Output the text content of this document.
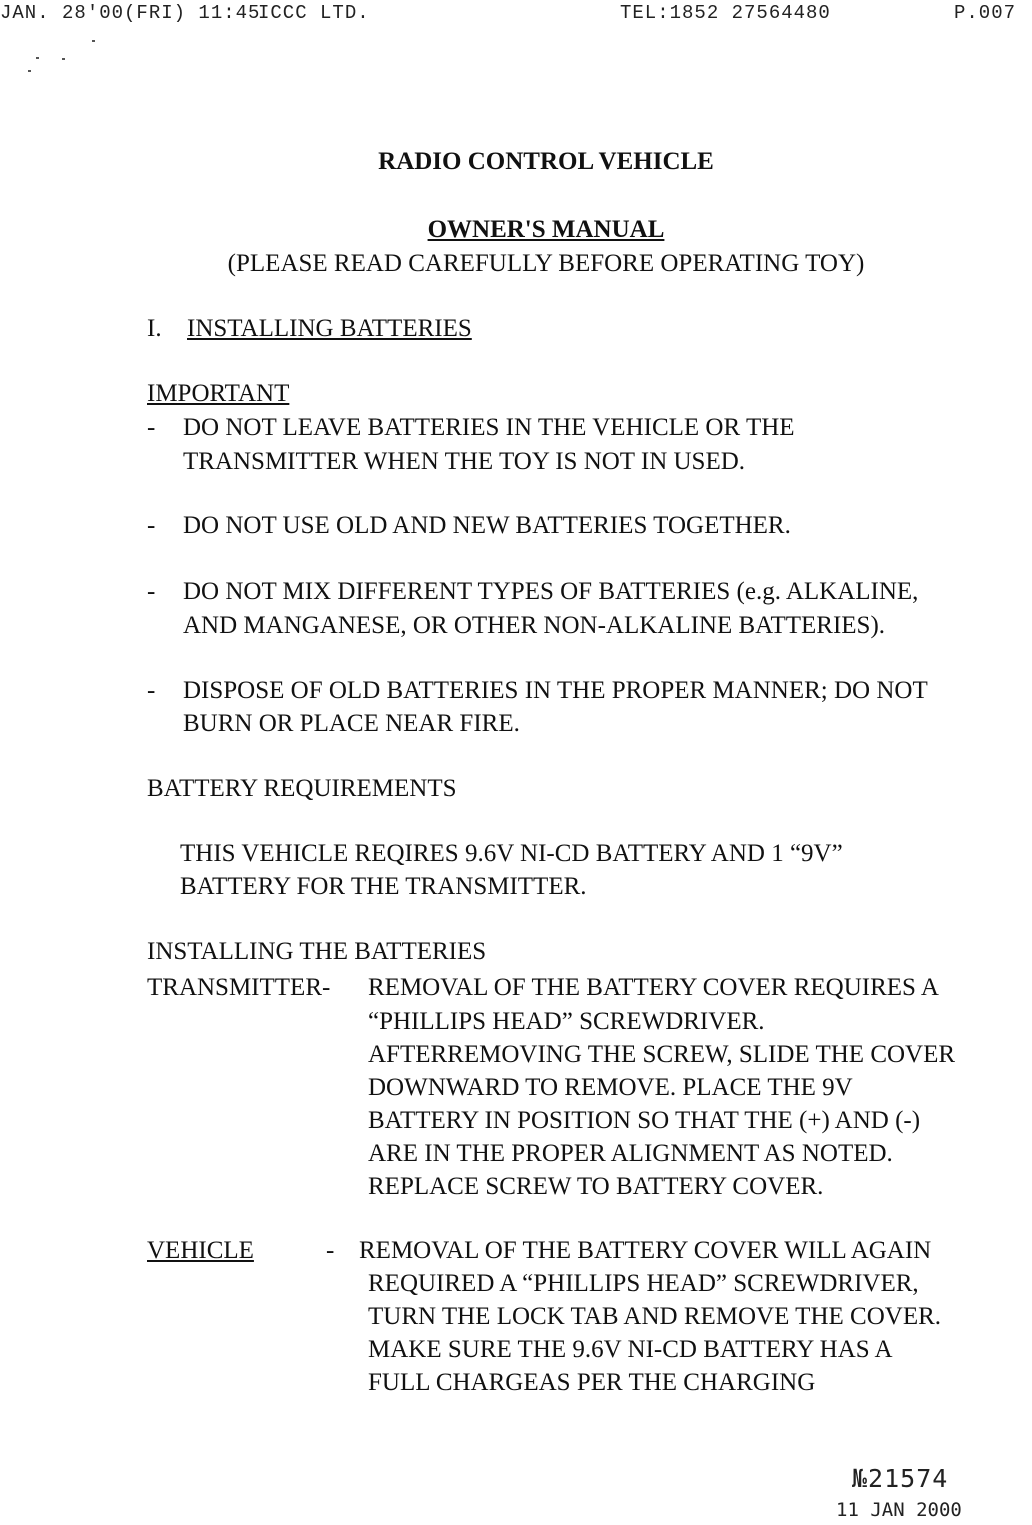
JAN. 28'00(FRI) 11:45
ICCC LTD.	TEL:1852 27564480	P.007
RADIO CONTROL VEHICLE
OWNER'S MANUAL
(PLEASE READ CAREFULLY BEFORE OPERATING TOY)
I. INSTALLING BATTERIES
IMPORTANT
-	DO NOT LEAVE BATTERIES IN THE VEHICLE OR THE
TRANSMITTER WHEN THE TOY IS NOT IN USED.
-	DO NOT USE OLD AND NEW BATTERIES TOGETHER.
-	DO NOT MIX DIFFERENT TYPES OF BATTERIES (e.g. ALKALINE,
AND MANGANESE, OR OTHER NON-ALKALINE BATTERIES).
-	DISPOSE OF OLD BATTERIES IN THE PROPER MANNER; DO NOT
BURN OR PLACE NEAR FIRE.
BATTERY REQUIREMENTS
THIS VEHICLE REQIRES 9.6V NI-CD BATTERY AND 1 “9V”
BATTERY FOR THE TRANSMITTER.
INSTALLING THE BATTERIES
TRANSMITTER- REMOVAL OF THE BATTERY COVER REQUIRES A
“PHILLIPS HEAD” SCREWDRIVER.
AFTERREMOVING THE SCREW, SLIDE THE COVER
DOWNWARD TO REMOVE. PLACE THE 9V
BATTERY IN POSITION SO THAT THE (+) AND (-)
ARE IN THE PROPER ALIGNMENT AS NOTED.
REPLACE SCREW TO BATTERY COVER.
VEHICLE	- REMOVAL OF THE BATTERY COVER WILL AGAIN
REQUIRED A “PHILLIPS HEAD” SCREWDRIVER,
TURN THE LOCK TAB AND REMOVE THE COVER.
MAKE SURE THE 9.6V NI-CD BATTERY HAS A
FULL CHARGEAS PER THE CHARGING
№21574
11 JAN 2000
